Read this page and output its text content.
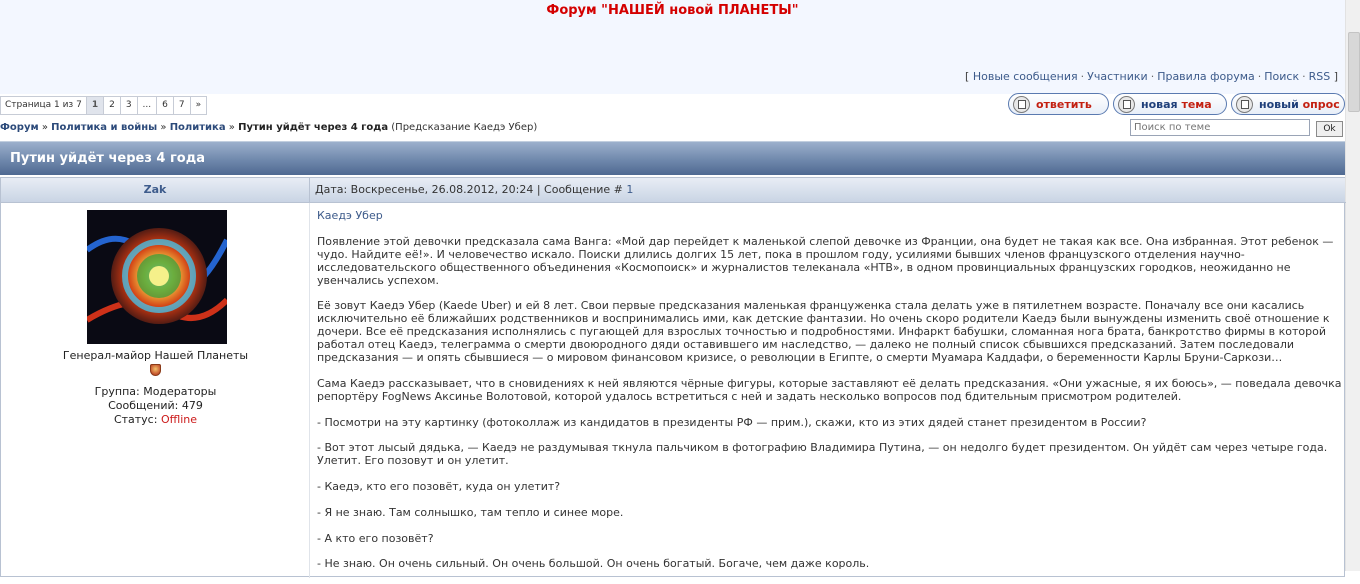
Форум "НАШЕЙ новой ПЛАНЕТЫ"
[ Новые сообщения · Участники · Правила форума · Поиск · RSS ]
Страница 1 из 7	1	2	3	...	6	7	»	ответить	новая
тема	новый
опрос
Форум » Политика и войны » Политика » Путин уйдёт через 4 года (Предсказание Каедэ Убер)
Поиск по теме	Ok
Путин уйдёт через 4 года
Zak	Дата: Воскресенье, 26.08.2012, 20:24 | Сообщение # 1
Генерал-майор Нашей Планеты
Группа: Модераторы
Сообщений: 479
Статус: Offline
Каедэ Убер

Появление этой девочки предсказала сама Ванга: «Мой дар перейдет к маленькой слепой девочке из Франции, она будет не такая как все. Она избранная. Этот ребенок — чудо. Найдите её!». И человечество искало. Поиски длились долгих 15 лет, пока в прошлом году, усилиями бывших членов французского отделения научно-исследовательского общественного объединения «Космопоиск» и журналистов телеканала «НТВ», в одном провинциальных французских городков, неожиданно не увенчались успехом.

Её зовут Каедэ Убер (Kaede Uber) и ей 8 лет. Свои первые предсказания маленькая француженка стала делать уже в пятилетнем возрасте. Поначалу все они касались исключительно её ближайших родственников и воспринимались ими, как детские фантазии. Но очень скоро родители Каедэ были вынуждены изменить своё отношение к дочери. Все её предсказания исполнялись с пугающей для взрослых точностью и подробностями. Инфаркт бабушки, сломанная нога брата, банкротство фирмы в которой работал отец Каедэ, телеграмма о смерти двоюродного дяди оставившего им наследство, — далеко не полный список сбывшихся предсказаний. Затем последовали предсказания — и опять сбывшиеся — о мировом финансовом кризисе, о революции в Египте, о смерти Муамара Каддафи, о беременности Карлы Бруни-Саркози…

Сама Каедэ рассказывает, что в сновидениях к ней являются чёрные фигуры, которые заставляют её делать предсказания. «Они ужасные, я их боюсь», — поведала девочка репортёру FogNews Аксинье Волотовой, которой удалось встретиться с ней и задать несколько вопросов под бдительным присмотром родителей.

- Посмотри на эту картинку (фотоколлаж из кандидатов в президенты РФ — прим.), скажи, кто из этих дядей станет президентом в России?

- Вот этот лысый дядька, — Каедэ не раздумывая ткнула пальчиком в фотографию Владимира Путина, — он недолго будет президентом. Он уйдёт сам через четыре года. Улетит. Его позовут и он улетит.

- Каедэ, кто его позовёт, куда он улетит?

- Я не знаю. Там солнышко, там тепло и синее море.

- А кто его позовёт?

- Не знаю. Он очень сильный. Он очень большой. Он очень богатый. Богаче, чем даже король.
